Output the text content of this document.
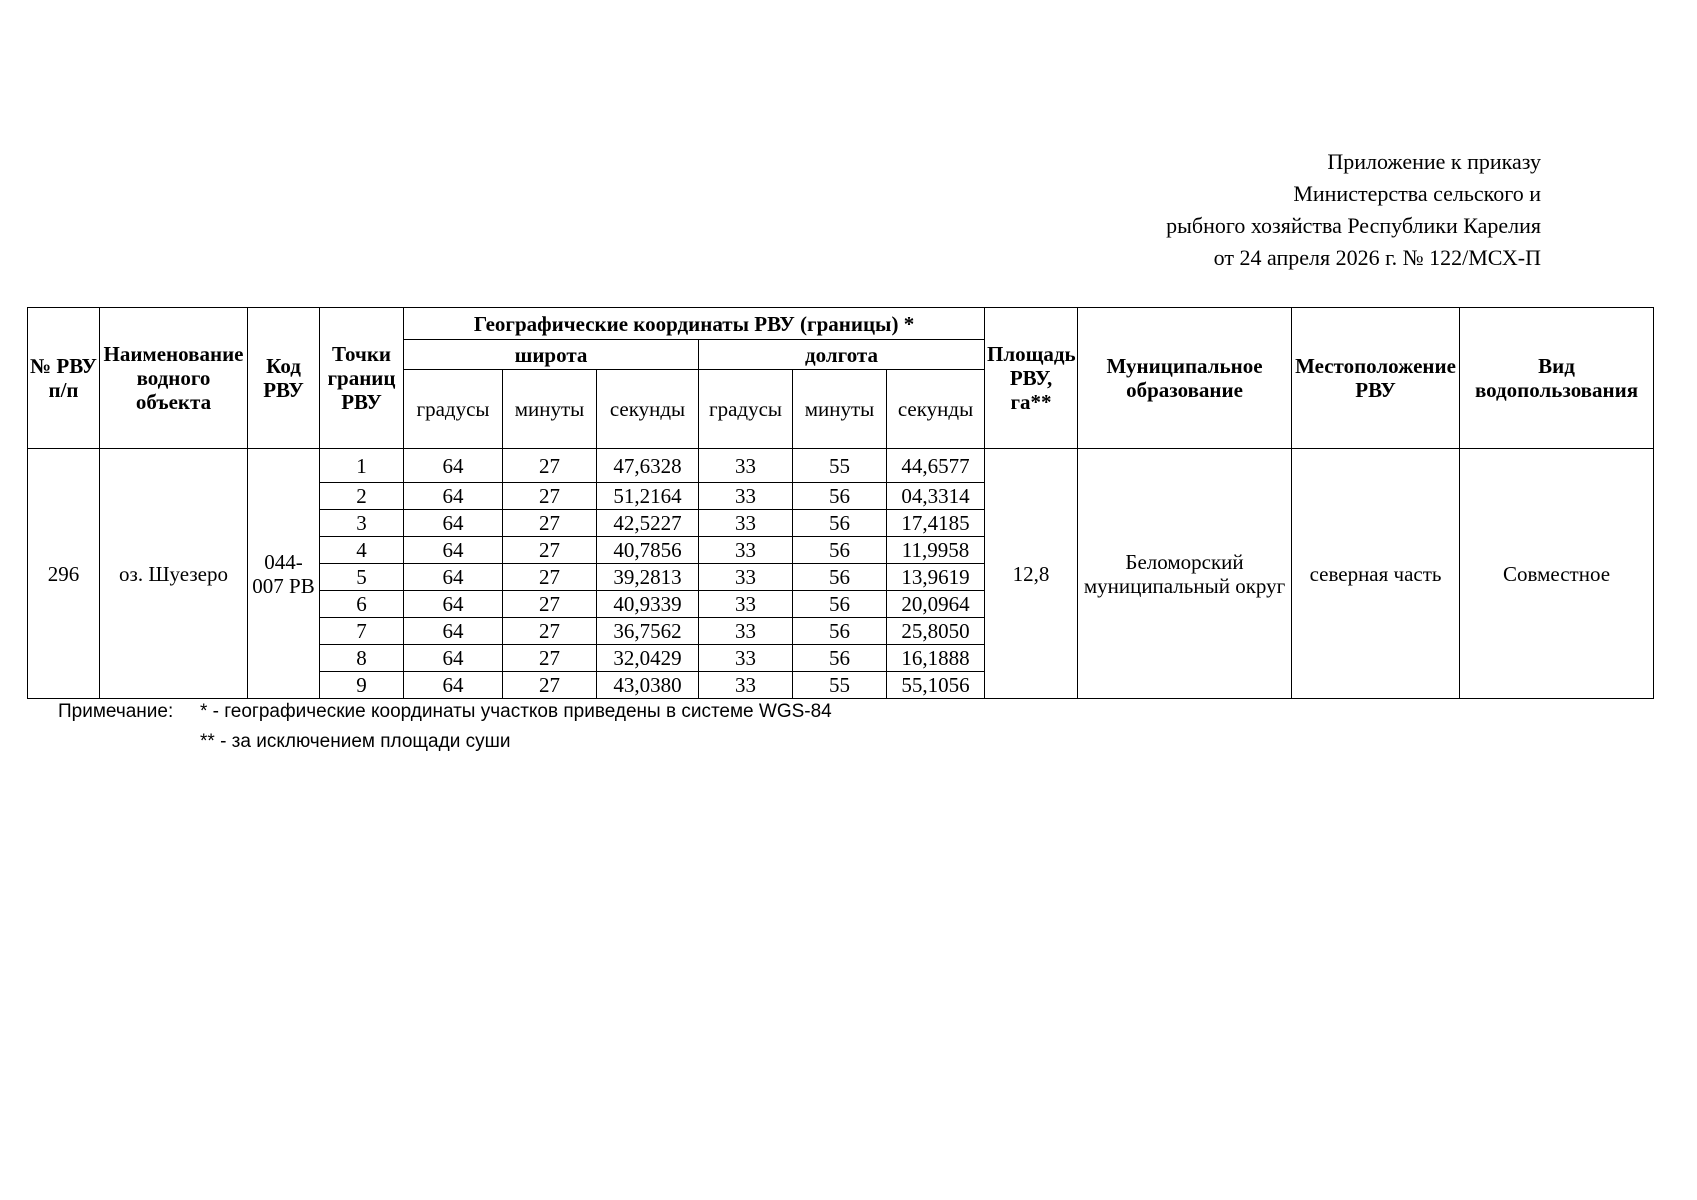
Приложение к приказу
Министерства сельского и
рыбного хозяйства Республики Карелия
от 24 апреля 2026 г. № 122/МСХ-П
№ РВУ п/п	Наименование водного объекта	Код РВУ	Точки границ РВУ	Географические координаты РВУ (границы) *						Площадь РВУ, га**	Муниципальное образование	Местоположение РВУ	Вид водопользования
				широта			долгота						
				градусы	минуты	секунды	градусы	минуты	секунды				
296	оз. Шуезеро	044-007 РВ	1	64	27	47,6328	33	55	44,6577	12,8	Беломорский муниципальный округ	северная часть	Совместное
			2	64	27	51,2164	33	56	04,3314				
			3	64	27	42,5227	33	56	17,4185				
			4	64	27	40,7856	33	56	11,9958				
			5	64	27	39,2813	33	56	13,9619				
			6	64	27	40,9339	33	56	20,0964				
			7	64	27	36,7562	33	56	25,8050				
			8	64	27	32,0429	33	56	16,1888				
			9	64	27	43,0380	33	55	55,1056				
Примечание: * - географические координаты участков приведены в системе WGS-84
** - за исключением площади суши
